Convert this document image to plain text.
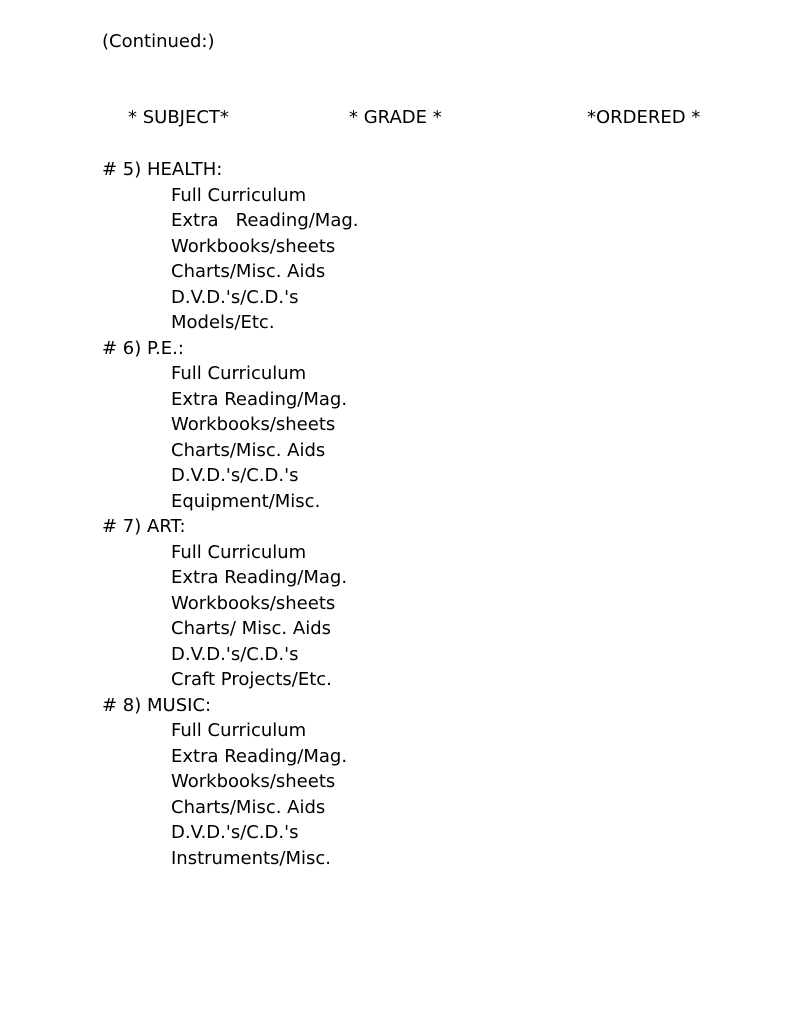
(Continued:)
* SUBJECT*	* GRADE *	*ORDERED *
# 5) HEALTH:
Full Curriculum
Extra   Reading/Mag.
Workbooks/sheets
Charts/Misc. Aids
D.V.D.'s/C.D.'s
Models/Etc.
# 6) P.E.:
Full Curriculum
Extra Reading/Mag.
Workbooks/sheets
Charts/Misc. Aids
D.V.D.'s/C.D.'s
Equipment/Misc.
# 7) ART:
Full Curriculum
Extra Reading/Mag.
Workbooks/sheets
Charts/ Misc. Aids
D.V.D.'s/C.D.'s
Craft Projects/Etc.
# 8) MUSIC:
Full Curriculum
Extra Reading/Mag.
Workbooks/sheets
Charts/Misc. Aids
D.V.D.'s/C.D.'s
Instruments/Misc.
